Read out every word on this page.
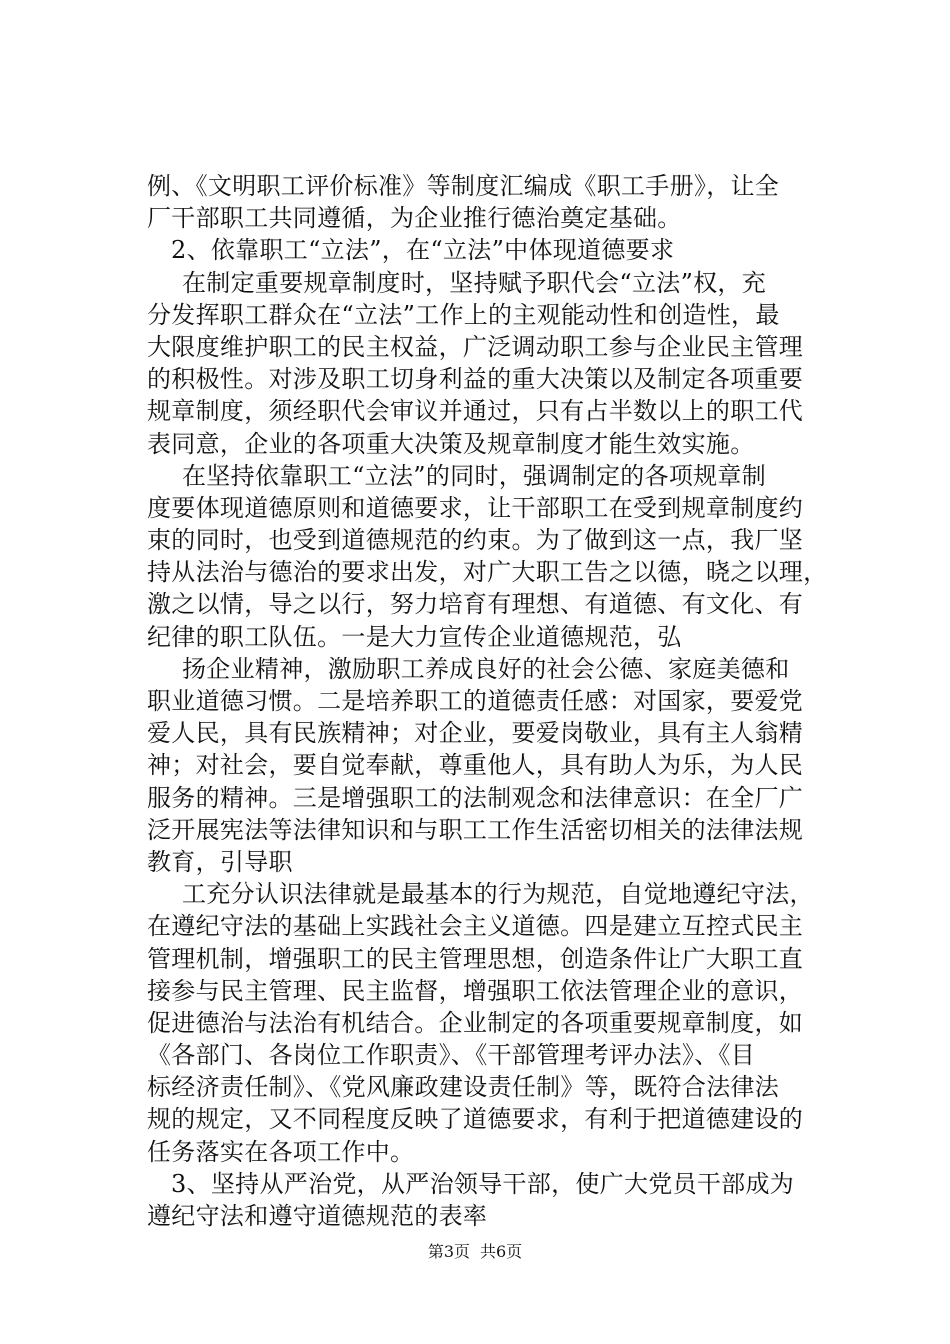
例、《文明职工评价标准》等制度汇编成《职工手册》，让全
厂干部职工共同遵循，为企业推行德治奠定基础。
2、依靠职工“立法”，在“立法”中体现道德要求
在制定重要规章制度时，坚持赋予职代会“立法”权，充
分发挥职工群众在“立法”工作上的主观能动性和创造性，最
大限度维护职工的民主权益，广泛调动职工参与企业民主管理
的积极性。对涉及职工切身利益的重大决策以及制定各项重要
规章制度，须经职代会审议并通过，只有占半数以上的职工代
表同意，企业的各项重大决策及规章制度才能生效实施。
在坚持依靠职工“立法”的同时，强调制定的各项规章制
度要体现道德原则和道德要求，让干部职工在受到规章制度约
束的同时，也受到道德规范的约束。为了做到这一点，我厂坚
持从法治与德治的要求出发，对广大职工告之以德，晓之以理，
激之以情，导之以行，努力培育有理想、有道德、有文化、有
纪律的职工队伍。一是大力宣传企业道德规范，弘
扬企业精神，激励职工养成良好的社会公德、家庭美德和
职业道德习惯。二是培养职工的道德责任感：对国家，要爱党
爱人民，具有民族精神；对企业，要爱岗敬业，具有主人翁精
神；对社会，要自觉奉献，尊重他人，具有助人为乐，为人民
服务的精神。三是增强职工的法制观念和法律意识：在全厂广
泛开展宪法等法律知识和与职工工作生活密切相关的法律法规
教育，引导职
工充分认识法律就是最基本的行为规范，自觉地遵纪守法，
在遵纪守法的基础上实践社会主义道德。四是建立互控式民主
管理机制，增强职工的民主管理思想，创造条件让广大职工直
接参与民主管理、民主监督，增强职工依法管理企业的意识，
促进德治与法治有机结合。企业制定的各项重要规章制度，如
《各部门、各岗位工作职责》、《干部管理考评办法》、《目
标经济责任制》、《党风廉政建设责任制》等，既符合法律法
规的规定，又不同程度反映了道德要求，有利于把道德建设的
任务落实在各项工作中。
3、坚持从严治党，从严治领导干部，使广大党员干部成为
遵纪守法和遵守道德规范的表率
第3页 共6页
